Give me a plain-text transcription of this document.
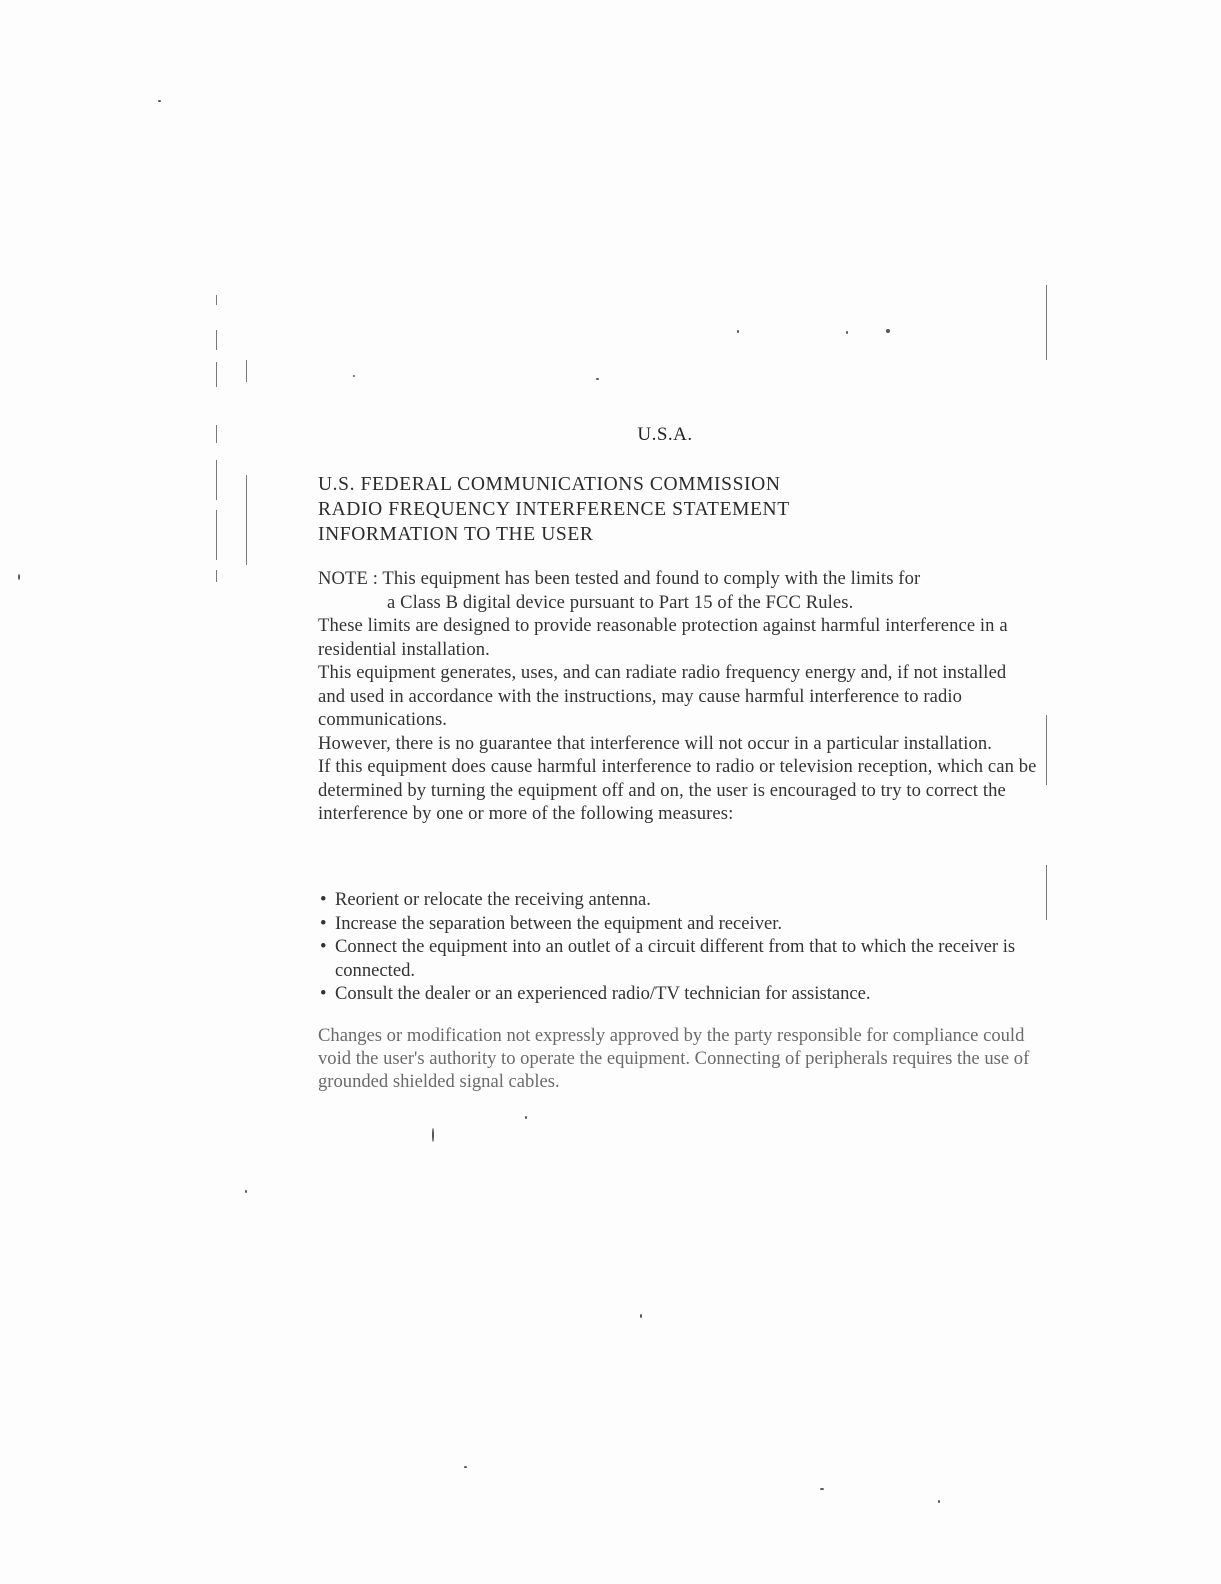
U.S.A.
U.S. FEDERAL COMMUNICATIONS COMMISSION
RADIO FREQUENCY INTERFERENCE STATEMENT
INFORMATION TO THE USER
NOTE : This equipment has been tested and found to comply with the limits for
a Class B digital device pursuant to Part 15 of the FCC Rules.
These limits are designed to provide reasonable protection against harmful interference in a residential installation.
This equipment generates, uses, and can radiate radio frequency energy and, if not installed and used in accordance with the instructions, may cause harmful interference to radio communications.
However, there is no guarantee that interference will not occur in a particular installation.
If this equipment does cause harmful interference to radio or television reception, which can be determined by turning the equipment off and on, the user is encouraged to try to correct the interference by one or more of the following measures:
• Reorient or relocate the receiving antenna.
• Increase the separation between the equipment and receiver.
• Connect the equipment into an outlet of a circuit different from that to which the receiver is connected.
• Consult the dealer or an experienced radio/TV technician for assistance.
Changes or modification not expressly approved by the party responsible for compliance could void the user's authority to operate the equipment. Connecting of peripherals requires the use of grounded shielded signal cables.
